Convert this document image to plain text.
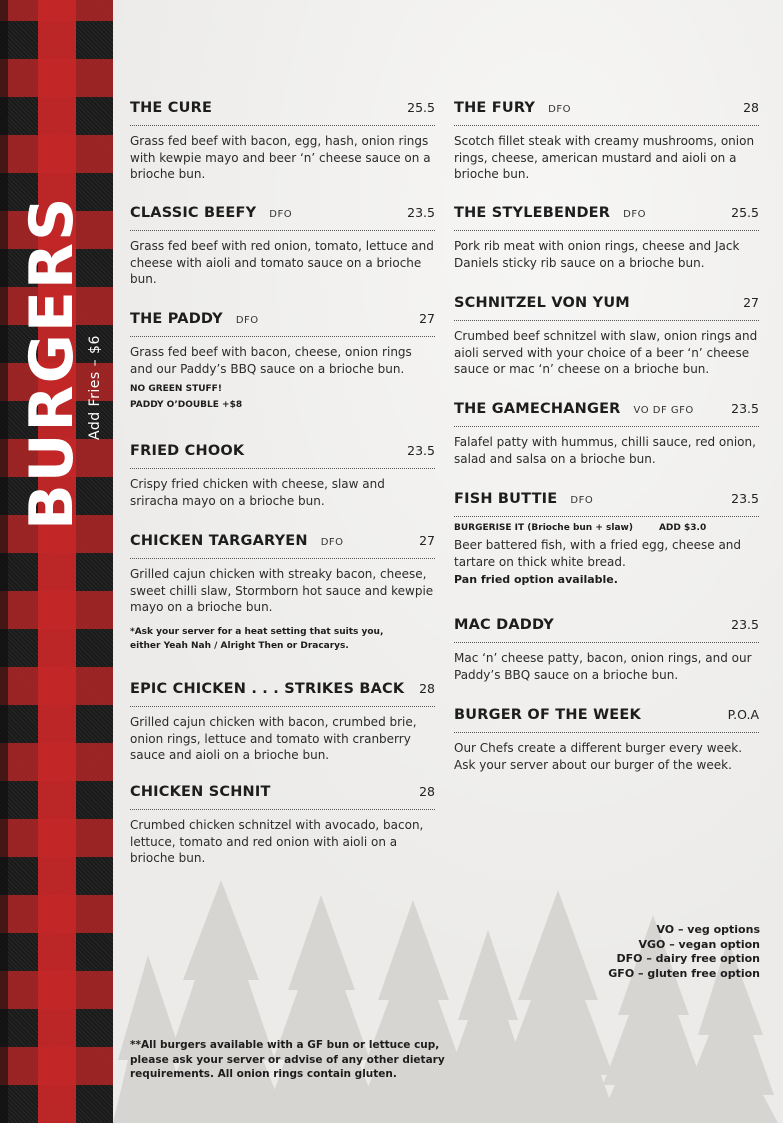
BURGERS Add Fries – $6
THE CURE	25.5
Grass fed beef with bacon, egg, hash, onion rings with kewpie mayo and beer ‘n’ cheese sauce on a brioche bun.
CLASSIC BEEFY DFO	23.5
Grass fed beef with red onion, tomato, lettuce and cheese with aioli and tomato sauce on a brioche bun.
THE PADDY DFO	27
Grass fed beef with bacon, cheese, onion rings and our Paddy’s BBQ sauce on a brioche bun.
NO GREEN STUFF!
PADDY O’DOUBLE +$8
FRIED CHOOK	23.5
Crispy fried chicken with cheese, slaw and sriracha mayo on a brioche bun.
CHICKEN TARGARYEN DFO	27
Grilled cajun chicken with streaky bacon, cheese, sweet chilli slaw, Stormborn hot sauce and kewpie mayo on a brioche bun.
*Ask your server for a heat setting that suits you,
either Yeah Nah / Alright Then or Dracarys.
EPIC CHICKEN . . . STRIKES BACK 28
Grilled cajun chicken with bacon, crumbed brie, onion rings, lettuce and tomato with cranberry sauce and aioli on a brioche bun.
CHICKEN SCHNIT	28
Crumbed chicken schnitzel with avocado, bacon, lettuce, tomato and red onion with aioli on a brioche bun.
THE FURY DFO	28
Scotch fillet steak with creamy mushrooms, onion rings, cheese, american mustard and aioli on a brioche bun.
THE STYLEBENDER DFO	25.5
Pork rib meat with onion rings, cheese and Jack Daniels sticky rib sauce on a brioche bun.
SCHNITZEL VON YUM	27
Crumbed beef schnitzel with slaw, onion rings and aioli served with your choice of a beer ‘n’ cheese sauce or mac ‘n’ cheese on a brioche bun.
THE GAMECHANGER VO DF GFO	23.5
Falafel patty with hummus, chilli sauce, red onion, salad and salsa on a brioche bun.
FISH BUTTIE DFO	23.5
BURGERISE IT (Brioche bun + slaw)	ADD $3.0
Beer battered fish, with a fried egg, cheese and tartare on thick white bread.
Pan fried option available.
MAC DADDY	23.5
Mac ‘n’ cheese patty, bacon, onion rings, and our Paddy’s BBQ sauce on a brioche bun.
BURGER OF THE WEEK	P.O.A
Our Chefs create a different burger every week. Ask your server about our burger of the week.
VO – veg options
VGO – vegan option
DFO – dairy free option
GFO – gluten free option
**All burgers available with a GF bun or lettuce cup, please ask your server or advise of any other dietary requirements. All onion rings contain gluten.
